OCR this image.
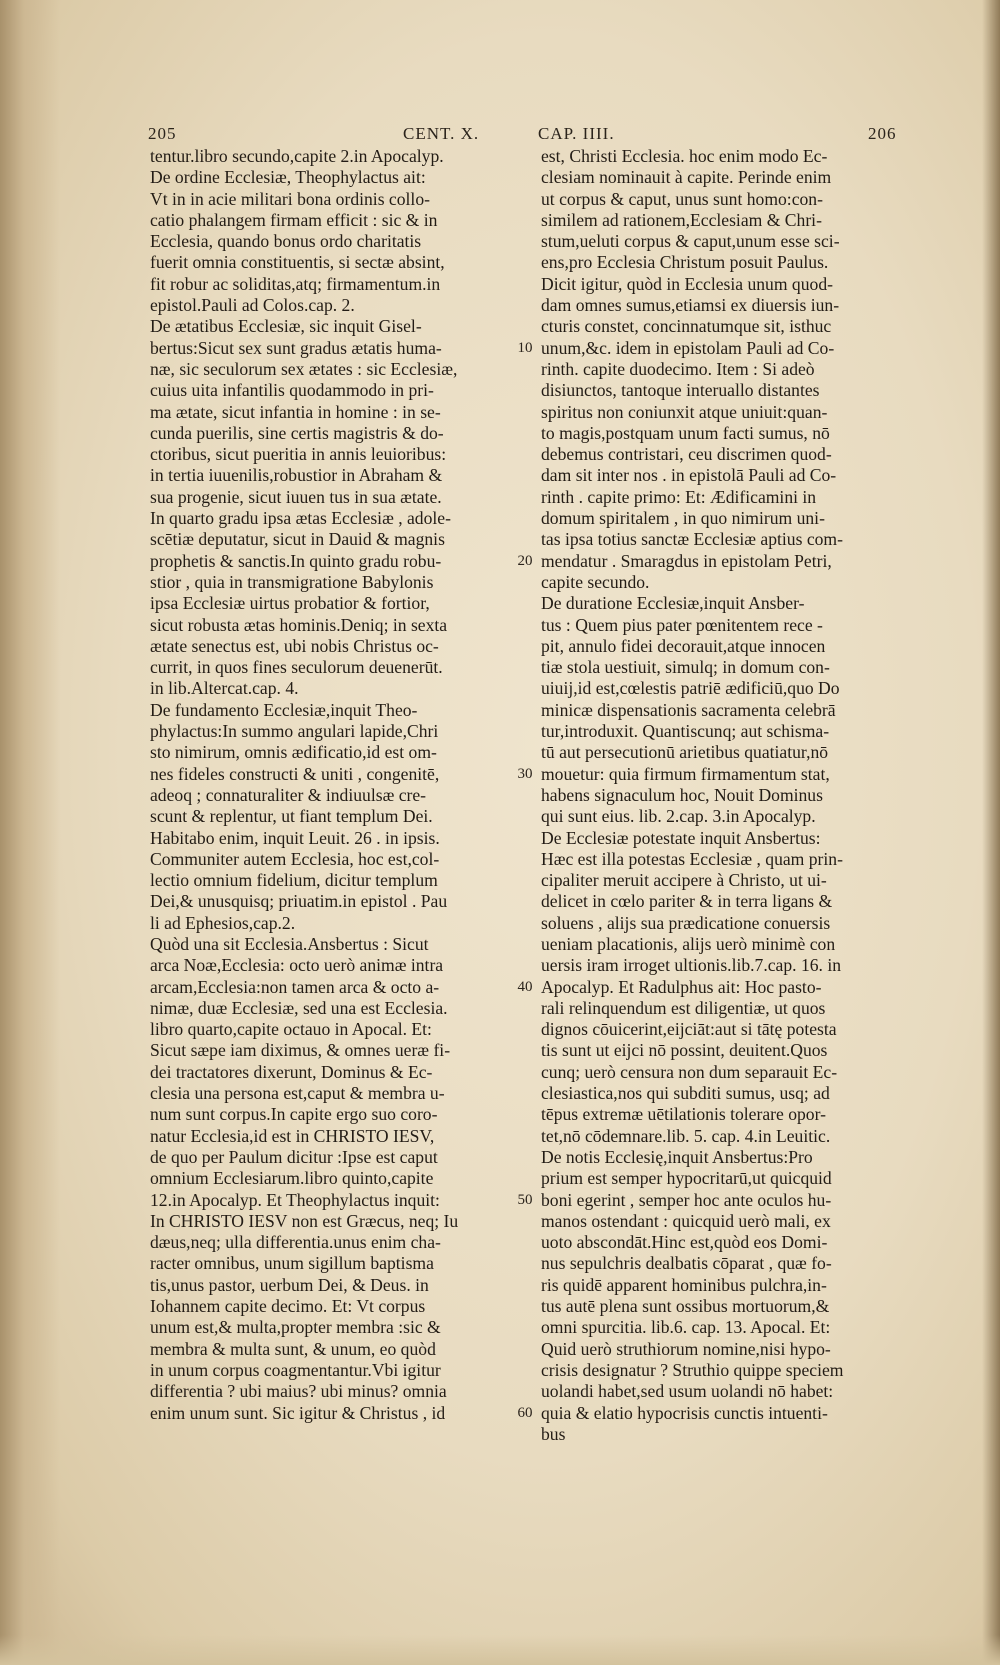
205	CENT. X.	CAP. IIII.	206
tentur.libro secundo,capite 2.in Apocalyp.
De ordine Ecclesiæ, Theophylactus ait:
Vt in in acie militari bona ordinis collo-
catio phalangem firmam efficit : sic & in
Ecclesia, quando bonus ordo charitatis
fuerit omnia constituentis, si sectæ absint,
fit robur ac soliditas,atq; firmamentum.in
epistol.Pauli ad Colos.cap. 2.
De ætatibus Ecclesiæ, sic inquit Gisel-
bertus:Sicut sex sunt gradus ætatis huma-
næ, sic seculorum sex ætates : sic Ecclesiæ,
cuius uita infantilis quodammodo in pri-
ma ætate, sicut infantia in homine : in se-
cunda puerilis, sine certis magistris & do-
ctoribus, sicut pueritia in annis leuioribus:
in tertia iuuenilis,robustior in Abraham &
sua progenie, sicut iuuen tus in sua ætate.
In quarto gradu ipsa ætas Ecclesiæ , adole-
scētiæ deputatur, sicut in Dauid & magnis
prophetis & sanctis.In quinto gradu robu-
stior , quia in transmigratione Babylonis
ipsa Ecclesiæ uirtus probatior & fortior,
sicut robusta ætas hominis.Deniq; in sexta
ætate senectus est, ubi nobis Christus oc-
currit, in quos fines seculorum deuenerūt.
in lib.Altercat.cap. 4.
De fundamento Ecclesiæ,inquit Theo-
phylactus:In summo angulari lapide,Chri
sto nimirum, omnis ædificatio,id est om-
nes fideles constructi & uniti , congenitē,
adeoq ; connaturaliter & indiuulsæ cre-
scunt & replentur, ut fiant templum Dei.
Habitabo enim, inquit Leuit. 26 . in ipsis.
Communiter autem Ecclesia, hoc est,col-
lectio omnium fidelium, dicitur templum
Dei,& unusquisq; priuatim.in epistol . Pau
li ad Ephesios,cap.2.
Quòd una sit Ecclesia.Ansbertus : Sicut
arca Noæ,Ecclesia: octo uerò animæ intra
arcam,Ecclesia:non tamen arca & octo a-
nimæ, duæ Ecclesiæ, sed una est Ecclesia.
libro quarto,capite octauo in Apocal. Et:
Sicut sæpe iam diximus, & omnes ueræ fi-
dei tractatores dixerunt, Dominus & Ec-
clesia una persona est,caput & membra u-
num sunt corpus.In capite ergo suo coro-
natur Ecclesia,id est in CHRISTO IESV,
de quo per Paulum dicitur :Ipse est caput
omnium Ecclesiarum.libro quinto,capite
12.in Apocalyp. Et Theophylactus inquit:
In CHRISTO IESV non est Græcus, neq; Iu
dæus,neq; ulla differentia.unus enim cha-
racter omnibus, unum sigillum baptisma
tis,unus pastor, uerbum Dei, & Deus. in
Iohannem capite decimo. Et: Vt corpus
unum est,& multa,propter membra :sic &
membra & multa sunt, & unum, eo quòd
in unum corpus coagmentantur.Vbi igitur
differentia ? ubi maius? ubi minus? omnia
enim unum sunt. Sic igitur & Christus , id
est, Christi Ecclesia. hoc enim modo Ec-
clesiam nominauit à capite. Perinde enim
ut corpus & caput, unus sunt homo:con-
similem ad rationem,Ecclesiam & Chri-
stum,ueluti corpus & caput,unum esse sci-
ens,pro Ecclesia Christum posuit Paulus.
Dicit igitur, quòd in Ecclesia unum quod-
dam omnes sumus,etiamsi ex diuersis iun-
cturis constet, concinnatumque sit, isthuc
unum,&c. idem in epistolam Pauli ad Co-
rinth. capite duodecimo. Item : Si adeò
disiunctos, tantoque interuallo distantes
spiritus non coniunxit atque uniuit:quan-
to magis,postquam unum facti sumus, nō
debemus contristari, ceu discrimen quod-
dam sit inter nos . in epistolā Pauli ad Co-
rinth . capite primo: Et: Ædificamini in
domum spiritalem , in quo nimirum uni-
tas ipsa totius sanctæ Ecclesiæ aptius com-
mendatur . Smaragdus in epistolam Petri,
capite secundo.
De duratione Ecclesiæ,inquit Ansber-
tus : Quem pius pater pœnitentem rece -
pit, annulo fidei decorauit,atque innocen
tiæ stola uestiuit, simulq; in domum con-
uiuij,id est,cœlestis patriē ædificiū,quo Do
minicæ dispensationis sacramenta celebrā
tur,introduxit. Quantiscunq; aut schisma-
tū aut persecutionū arietibus quatiatur,nō
mouetur: quia firmum firmamentum stat,
habens signaculum hoc, Nouit Dominus
qui sunt eius. lib. 2.cap. 3.in Apocalyp.
De Ecclesiæ potestate inquit Ansbertus:
Hæc est illa potestas Ecclesiæ , quam prin-
cipaliter meruit accipere à Christo, ut ui-
delicet in cœlo pariter & in terra ligans &
soluens , alijs sua prædicatione conuersis
ueniam placationis, alijs uerò minimè con
uersis iram irroget ultionis.lib.7.cap. 16. in
Apocalyp. Et Radulphus ait: Hoc pasto-
rali relinquendum est diligentiæ, ut quos
dignos cōuicerint,eijciāt:aut si tātę potesta
tis sunt ut eijci nō possint, deuitent.Quos
cunq; uerò censura non dum separauit Ec-
clesiastica,nos qui subditi sumus, usq; ad
tēpus extremæ uētilationis tolerare opor-
tet,nō cōdemnare.lib. 5. cap. 4.in Leuitic.
De notis Ecclesię,inquit Ansbertus:Pro
prium est semper hypocritarū,ut quicquid
boni egerint , semper hoc ante oculos hu-
manos ostendant : quicquid uerò mali, ex
uoto abscondāt.Hinc est,quòd eos Domi-
nus sepulchris dealbatis cōparat , quæ fo-
ris quidē apparent hominibus pulchra,in-
tus autē plena sunt ossibus mortuorum,&
omni spurcitia. lib.6. cap. 13. Apocal. Et:
Quid uerò struthiorum nomine,nisi hypo-
crisis designatur ? Struthio quippe speciem
uolandi habet,sed usum uolandi nō habet:
quia & elatio hypocrisis cunctis intuenti-
bus
10
20
30
40
50
60
